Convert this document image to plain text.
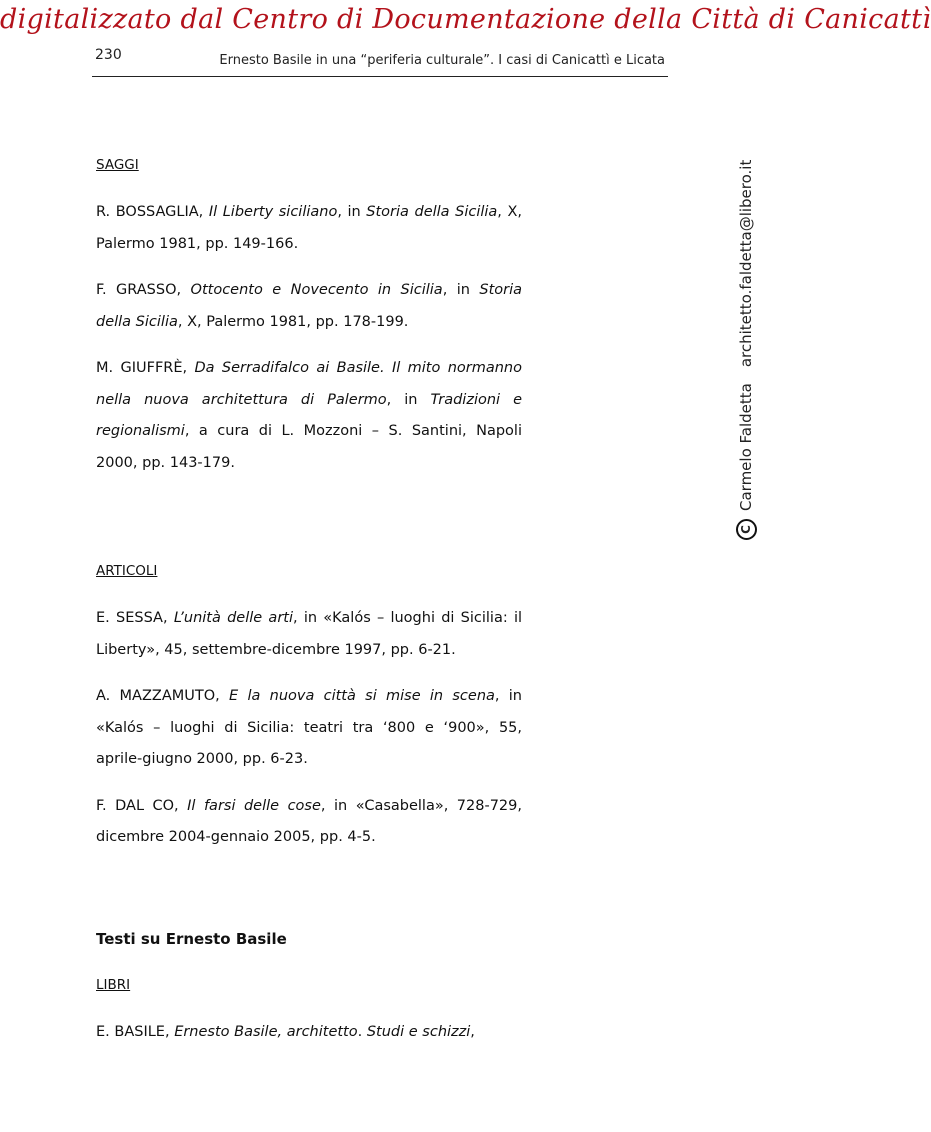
digitalizzato dal Centro di Documentazione della Città di Canicattì
230	Ernesto Basile in una “periferia culturale”. I casi di Canicattì e Licata
SAGGI

R. BOSSAGLIA, Il Liberty siciliano, in Storia della Sicilia, X, Palermo 1981, pp. 149-166.

F. GRASSO, Ottocento e Novecento in Sicilia, in Storia della Sicilia, X, Palermo 1981, pp. 178-199.

M. GIUFFRÈ, Da Serradifalco ai Basile. Il mito normanno nella nuova architettura di Palermo, in Tradizioni e regionalismi, a cura di L. Mozzoni – S. Santini, Napoli 2000, pp. 143-179.

ARTICOLI

E. SESSA, L’unità delle arti, in «Kalós – luoghi di Sicilia: il Liberty», 45, settembre-dicembre 1997, pp. 6-21.

A. MAZZAMUTO, E la nuova città si mise in scena, in «Kalós – luoghi di Sicilia: teatri tra ‘800 e ‘900», 55, aprile-giugno 2000, pp. 6-23.

F. DAL CO, Il farsi delle cose, in «Casabella», 728-729, dicembre 2004-gennaio 2005, pp. 4-5.

Testi su Ernesto Basile
LIBRI

E. BASILE, Ernesto Basile, architetto. Studi e schizzi,

CCarmelo Faldettaarchitetto.faldetta@libero.it
